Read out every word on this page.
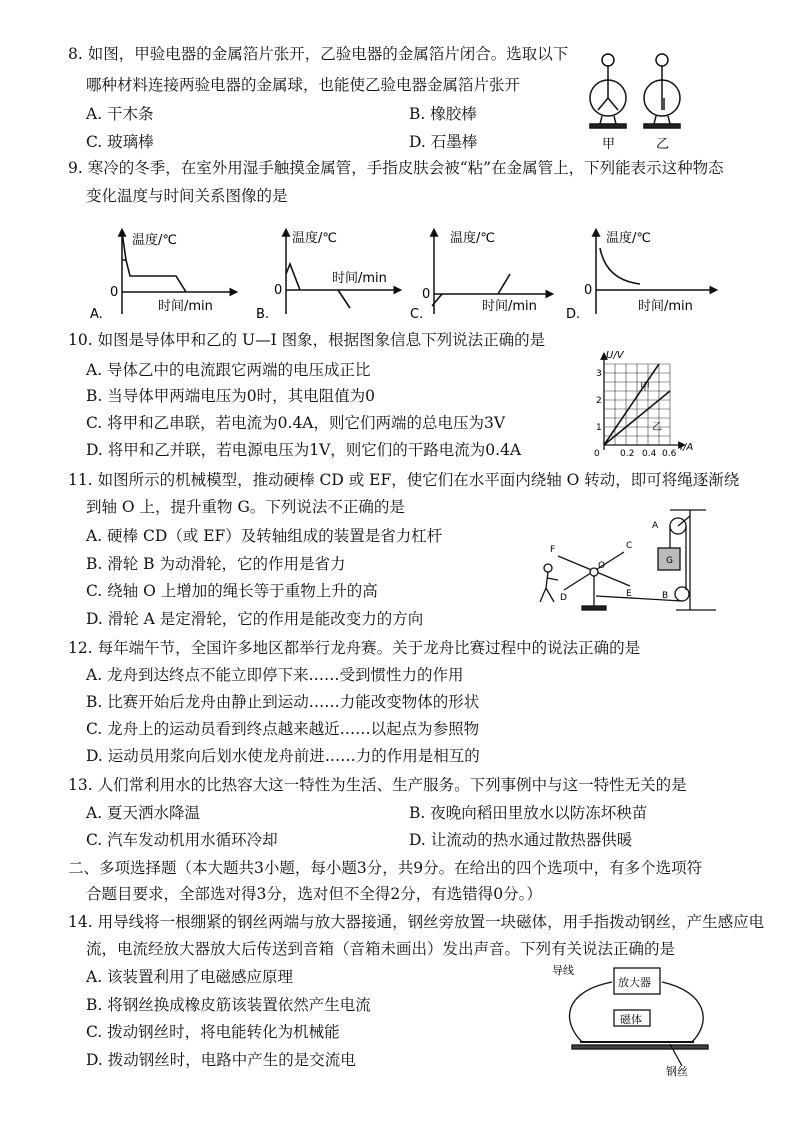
8. 如图，甲验电器的金属箔片张开，乙验电器的金属箔片闭合。选取以下
哪种材料连接两验电器的金属球，也能使乙验电器金属箔片张开
A. 干木条	B. 橡胶棒
C. 玻璃棒	D. 石墨棒	甲	乙
9. 寒冷的冬季，在室外用湿手触摸金属管，手指皮肤会被“粘”在金属管上，下列能表示这种物态
变化温度与时间关系图像的是
温度/℃
0
时间/min
A.
温度/℃
0
时间/min
B.
温度/℃
0
时间/min
C.
温度/℃
0
时间/min
D.
10. 如图是导体甲和乙的 U—I 图象，根据图象信息下列说法正确的是
A. 导体乙中的电流跟它两端的电压成正比
B. 当导体甲两端电压为0时，其电阻值为0
C. 将甲和乙串联，若电流为0.4A，则它们两端的总电压为3V
D. 将甲和乙并联，若电源电压为1V，则它们的干路电流为0.4A
U/V
I/A
3
2
1
0 0.2 0.4 0.6
甲
乙
11. 如图所示的机械模型，推动硬棒 CD 或 EF，使它们在水平面内绕轴 O 转动，即可将绳逐渐绕
到轴 O 上，提升重物 G。下列说法不正确的是
A. 硬棒 CD（或 EF）及转轴组成的装置是省力杠杆
B. 滑轮 B 为动滑轮，它的作用是省力
C. 绕轴 O 上增加的绳长等于重物上升的高
D. 滑轮 A 是定滑轮，它的作用是能改变力的方向
A
B
C
D	E
F
O	G
12. 每年端午节，全国许多地区都举行龙舟赛。关于龙舟比赛过程中的说法正确的是
A. 龙舟到达终点不能立即停下来……受到惯性力的作用
B. 比赛开始后龙舟由静止到运动……力能改变物体的形状
C. 龙舟上的运动员看到终点越来越近……以起点为参照物
D. 运动员用浆向后划水使龙舟前进……力的作用是相互的
13. 人们常利用水的比热容大这一特性为生活、生产服务。下列事例中与这一特性无关的是
A. 夏天洒水降温	B. 夜晚向稻田里放水以防冻坏秧苗
C. 汽车发动机用水循环冷却	D. 让流动的热水通过散热器供暖
二、多项选择题（本大题共3小题，每小题3分，共9分。在给出的四个选项中，有多个选项符
合题目要求，全部选对得3分，选对但不全得2分，有选错得0分。）
14. 用导线将一根绷紧的钢丝两端与放大器接通，钢丝旁放置一块磁体，用手指拨动钢丝，产生感应电
流，电流经放大器放大后传送到音箱（音箱未画出）发出声音。下列有关说法正确的是
A. 该装置利用了电磁感应原理
B. 将钢丝换成橡皮筋该装置依然产生电流
C. 拨动钢丝时，将电能转化为机械能
D. 拨动钢丝时，电路中产生的是交流电
导线
放大器
磁体
钢丝
